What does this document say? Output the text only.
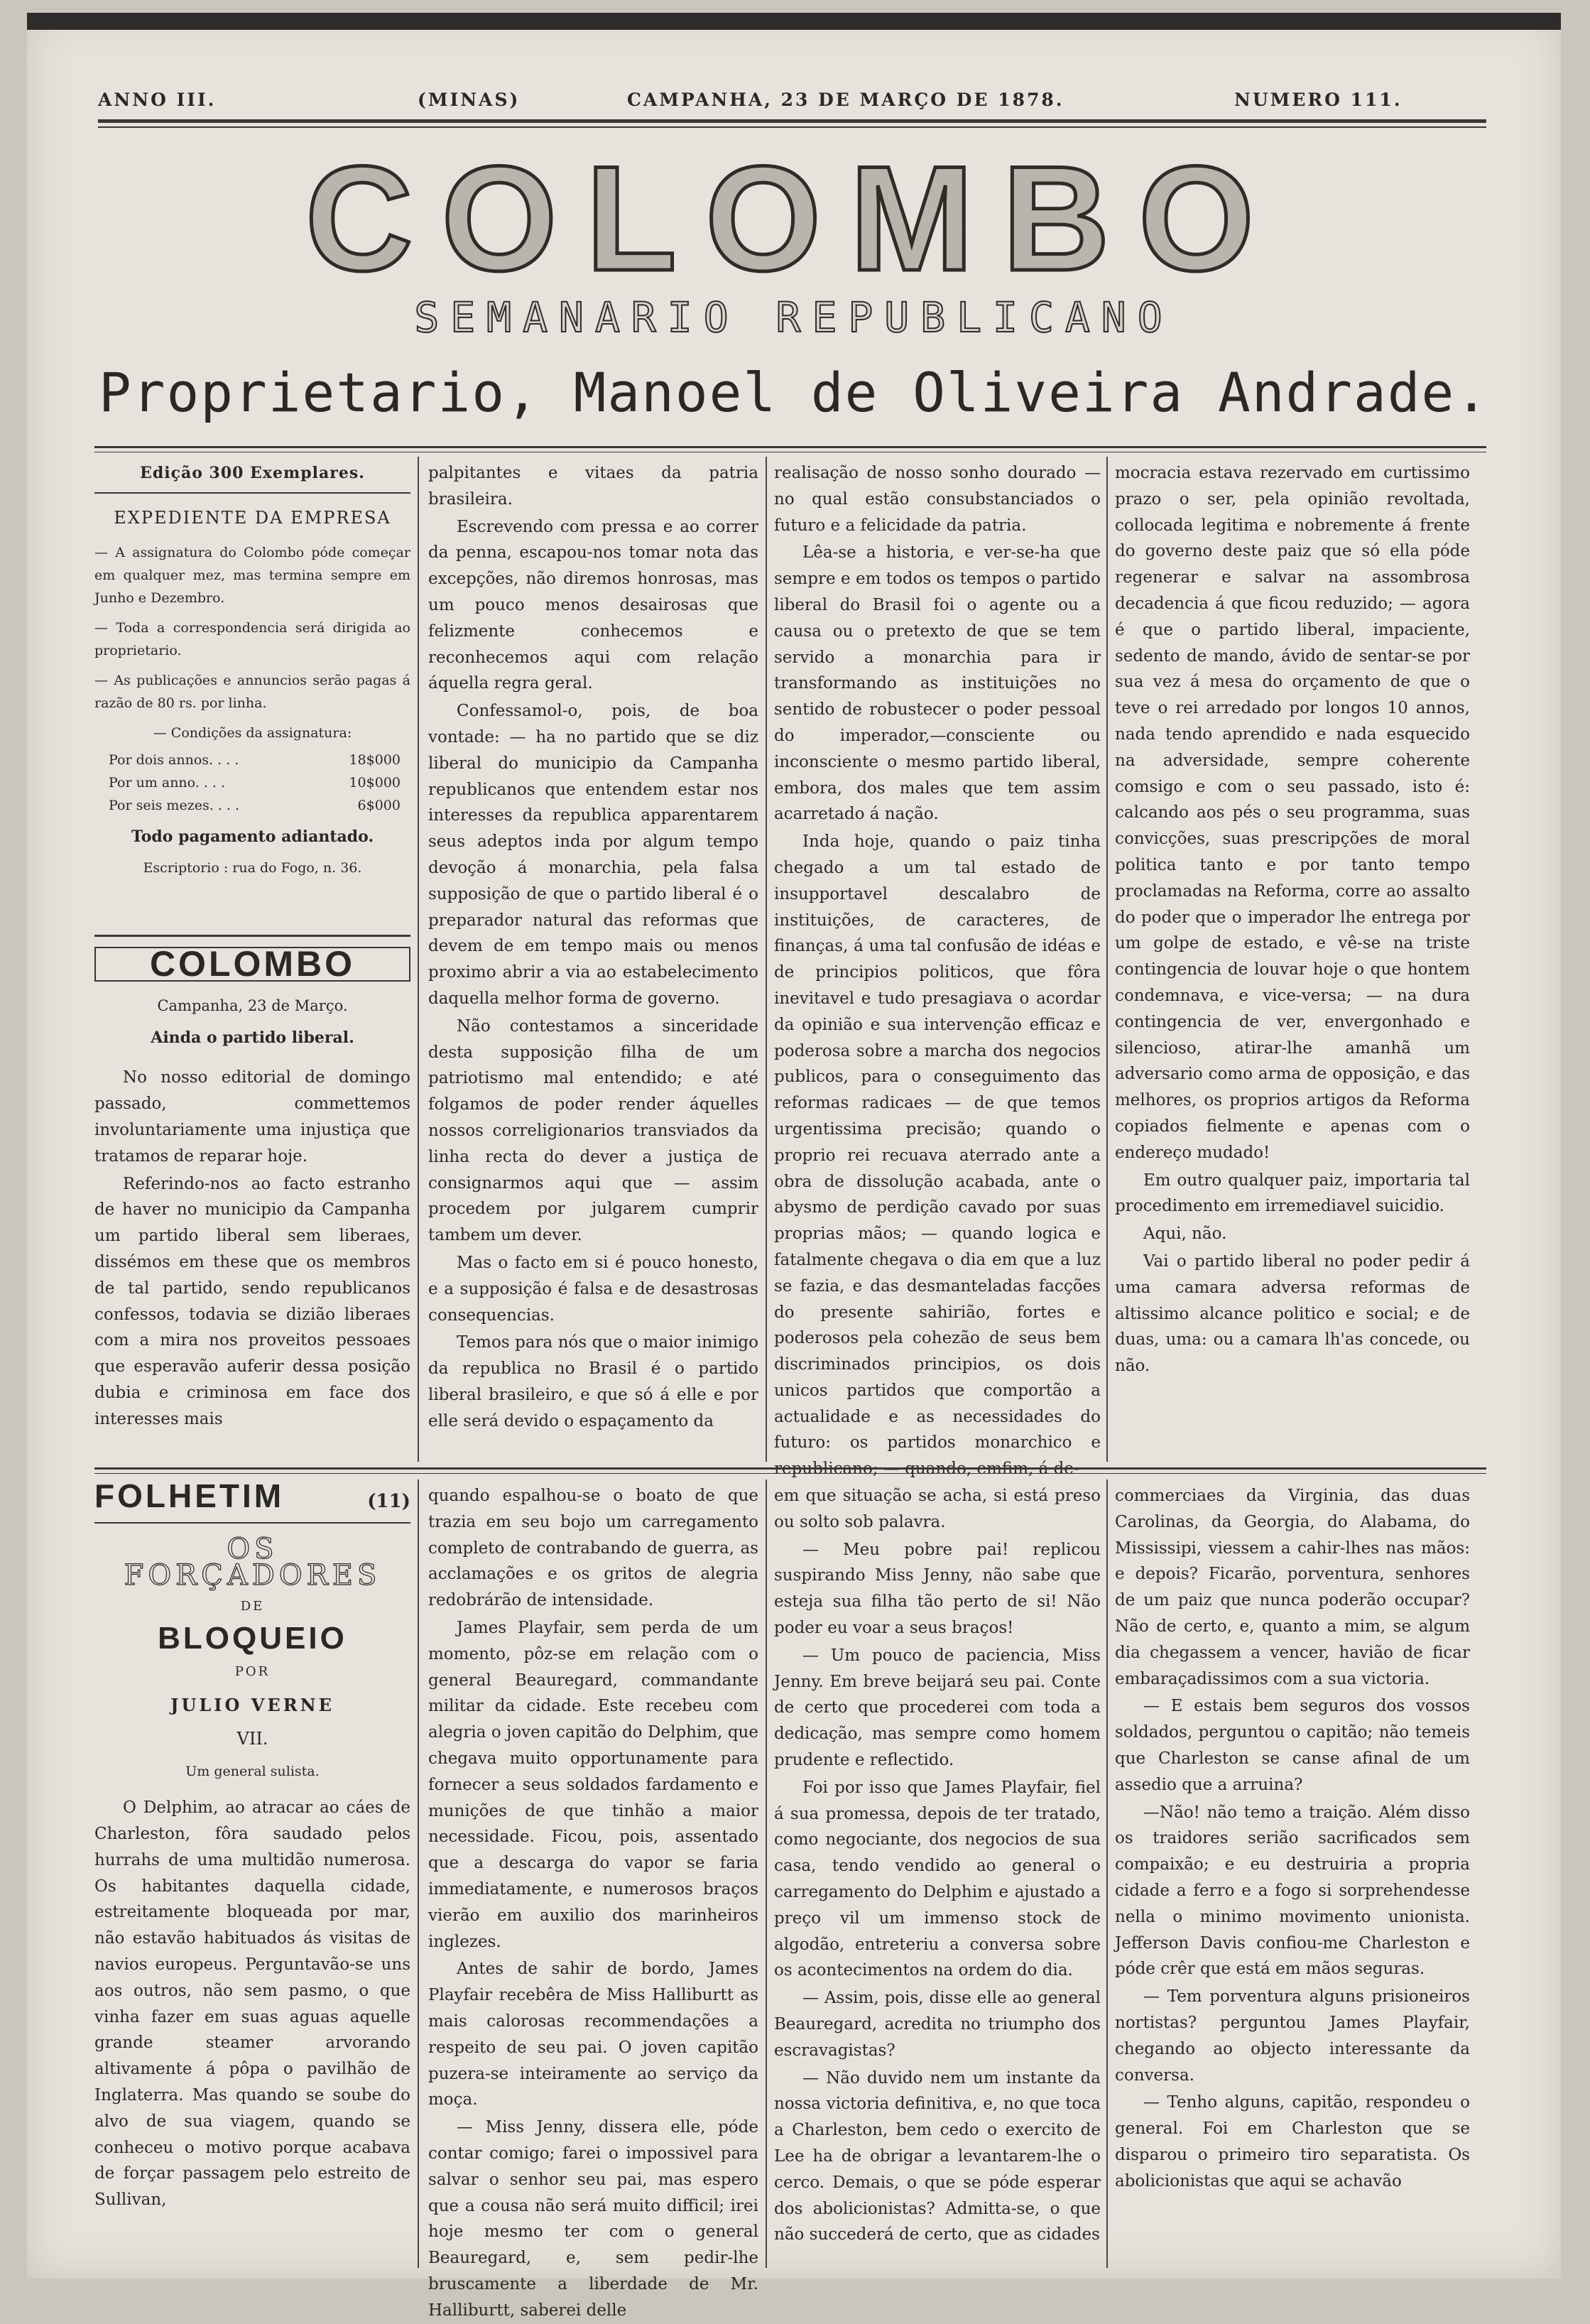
ANNO III.	(MINAS)	CAMPANHA, 23 DE MARÇO DE 1878.	NUMERO 111.
COLOMBO
SEMANARIO REPUBLICANO
Proprietario, Manoel de Oliveira Andrade.
Edição 300 Exemplares.
EXPEDIENTE DA EMPRESA
— A assignatura do Colombo póde começar em qualquer mez, mas termina sempre em Junho e Dezembro.
— Toda a correspondencia será dirigida ao proprietario.
— As publicações e annuncios serão pagas á razão de 80 rs. por linha.
— Condições da assignatura:
Por dois annos. . . .	18$000
Por um anno. . . .	10$000
Por seis mezes. . . .	6$000
Todo pagamento adiantado.
Escriptorio : rua do Fogo, n. 36.
COLOMBO
Campanha, 23 de Março.
Ainda o partido liberal.

No nosso editorial de domingo passado, commettemos involuntariamente uma injustiça que tratamos de reparar hoje.

Referindo-nos ao facto estranho de haver no municipio da Campanha um partido liberal sem liberaes, dissémos em these que os membros de tal partido, sendo republicanos confessos, todavia se dizião liberaes com a mira nos proveitos pessoaes que esperavão auferir dessa posição dubia e criminosa em face dos interesses mais

palpitantes e vitaes da patria brasileira.

Escrevendo com pressa e ao correr da penna, escapou-nos tomar nota das excepções, não diremos honrosas, mas um pouco menos desairosas que felizmente conhecemos e reconhecemos aqui com relação áquella regra geral.

Confessamol-o, pois, de boa vontade: — ha no partido que se diz liberal do municipio da Campanha republicanos que entendem estar nos interesses da republica apparentarem seus adeptos inda por algum tempo devoção á monarchia, pela falsa supposição de que o partido liberal é o preparador natural das reformas que devem de em tempo mais ou menos proximo abrir a via ao estabelecimento daquella melhor forma de governo.

Não contestamos a sinceridade desta supposição filha de um patriotismo mal entendido; e até folgamos de poder render áquelles nossos correligionarios transviados da linha recta do dever a justiça de consignarmos aqui que — assim procedem por julgarem cumprir tambem um dever.

Mas o facto em si é pouco honesto, e a supposição é falsa e de desastrosas consequencias.

Temos para nós que o maior inimigo da republica no Brasil é o partido liberal brasileiro, e que só á elle e por elle será devido o espaçamento da

realisação de nosso sonho dourado — no qual estão consubstanciados o futuro e a felicidade da patria.

Lêa-se a historia, e ver-se-ha que sempre e em todos os tempos o partido liberal do Brasil foi o agente ou a causa ou o pretexto de que se tem servido a monarchia para ir transformando as instituições no sentido de robustecer o poder pessoal do imperador,—consciente ou inconsciente o mesmo partido liberal, embora, dos males que tem assim acarretado á nação.

Inda hoje, quando o paiz tinha chegado a um tal estado de insupportavel descalabro de instituições, de caracteres, de finanças, á uma tal confusão de idéas e de principios politicos, que fôra inevitavel e tudo presagiava o acordar da opinião e sua intervenção efficaz e poderosa sobre a marcha dos negocios publicos, para o conseguimento das reformas radicaes — de que temos urgentissima precisão; quando o proprio rei recuava aterrado ante a obra de dissolução acabada, ante o abysmo de perdição cavado por suas proprias mãos; — quando logica e fatalmente chegava o dia em que a luz se fazia, e das desmanteladas facções do presente sahirião, fortes e poderosos pela cohezão de seus bem discriminados principios, os dois unicos partidos que comportão a actualidade e as necessidades do futuro: os partidos monarchico e

mocracia estava rezervado em curtissimo prazo o ser, pela opinião revoltada, collocada legitima e nobremente á frente do governo deste paiz que só ella póde regenerar e salvar na assombrosa decadencia á que ficou reduzido; — agora é que o partido liberal, impaciente, sedento de mando, ávido de sentar-se por sua vez á mesa do orçamento de que o teve o rei arredado por longos 10 annos, nada tendo aprendido e nada esquecido na adversidade, sempre coherente comsigo e com o seu passado, isto é: calcando aos pés o seu programma, suas convicções, suas prescripções de moral politica tanto e por tanto tempo proclamadas na Reforma, corre ao assalto do poder que o imperador lhe entrega por um golpe de estado, e vê-se na triste contingencia de louvar hoje o que hontem condemnava, e vice-versa; — na dura contingencia de ver, envergonhado e silencioso, atirar-lhe amanhã um adversario como arma de opposição, e das melhores, os proprios artigos da Reforma copiados fielmente e apenas com o endereço mudado!

Em outro qualquer paiz, importaria tal procedimento em irremediavel suicidio.

Aqui, não.

Vai o partido liberal no poder pedir á uma camara adversa reformas de altissimo alcance politico e social; e de duas, uma: ou a camara lh'as concede, ou não.

FOLHETIM	(11)
OS FORÇADORES
DE
BLOQUEIO
POR
JULIO VERNE
VII.
Um general sulista.

O Delphim, ao atracar ao cáes de Charleston, fôra saudado pelos hurrahs de uma multidão numerosa. Os habitantes daquella cidade, estreitamente bloqueada por mar, não estavão habituados ás visitas de navios europeus. Perguntavão-se uns aos outros, não sem pasmo, o que vinha fazer em suas aguas aquelle grande steamer arvorando altivamente á pôpa o pavilhão de Inglaterra. Mas quando se soube do alvo de sua viagem, quando se conheceu o motivo porque acabava de forçar passagem pelo estreito de Sullivan,

quando espalhou-se o boato de que trazia em seu bojo um carregamento completo de contrabando de guerra, as acclamações e os gritos de alegria redobrárão de intensidade.

James Playfair, sem perda de um momento, pôz-se em relação com o general Beauregard, commandante militar da cidade. Este recebeu com alegria o joven capitão do Delphim, que chegava muito opportunamente para fornecer a seus soldados fardamento e munições de que tinhão a maior necessidade. Ficou, pois, assentado que a descarga do vapor se faria immediatamente, e numerosos braços vierão em auxilio dos marinheiros inglezes.

Antes de sahir de bordo, James Playfair recebêra de Miss Halliburtt as mais calorosas recommendações a respeito de seu pai. O joven capitão puzera-se inteiramente ao serviço da moça.

— Miss Jenny, dissera elle, póde contar comigo; farei o impossivel para salvar o senhor seu pai, mas espero que a cousa não será muito difficil; irei hoje mesmo ter com o general Beauregard, e, sem pedir-lhe bruscamente a liberdade de Mr. Halliburtt, saberei delle

em que situação se acha, si está preso ou solto sob palavra.

— Meu pobre pai! replicou suspirando Miss Jenny, não sabe que esteja sua filha tão perto de si! Não poder eu voar a seus braços!

— Um pouco de paciencia, Miss Jenny. Em breve beijará seu pai. Conte de certo que procederei com toda a dedicação, mas sempre como homem prudente e reflectido.

Foi por isso que James Playfair, fiel á sua promessa, depois de ter tratado, como negociante, dos negocios de sua casa, tendo vendido ao general o carregamento do Delphim e ajustado a preço vil um immenso stock de algodão, entreteriu a conversa sobre os acontecimentos na ordem do dia.

— Assim, pois, disse elle ao general Beauregard, acredita no triumpho dos escravagistas?

— Não duvido nem um instante da nossa victoria definitiva, e, no que toca a Charleston, bem cedo o exercito de Lee ha de obrigar a levantarem-lhe o cerco. Demais, o que se póde esperar dos abolicionistas? Admitta-se, o que não succederá de certo, que as cidades

commerciaes da Virginia, das duas Carolinas, da Georgia, do Alabama, do Mississipi, viessem a cahir-lhes nas mãos: e depois? Ficarão, porventura, senhores de um paiz que nunca poderão occupar? Não de certo, e, quanto a mim, se algum dia chegassem a vencer, havião de ficar embaraçadissimos com a sua victoria.

— E estais bem seguros dos vossos soldados, perguntou o capitão; não temeis que Charleston se canse afinal de um assedio que a arruina?

—Não! não temo a traição. Além disso os traidores serião sacrificados sem compaixão; e eu destruiria a propria cidade a ferro e a fogo si sorprehendesse nella o minimo movimento unionista. Jefferson Davis confiou-me Charleston e póde crêr que está em mãos seguras.

— Tem porventura alguns prisioneiros nortistas? perguntou James Playfair, chegando ao objecto interessante da conversa.

— Tenho alguns, capitão, respondeu o general. Foi em Charleston que se disparou o primeiro tiro separatista. Os abolicionistas que aqui se achavão
